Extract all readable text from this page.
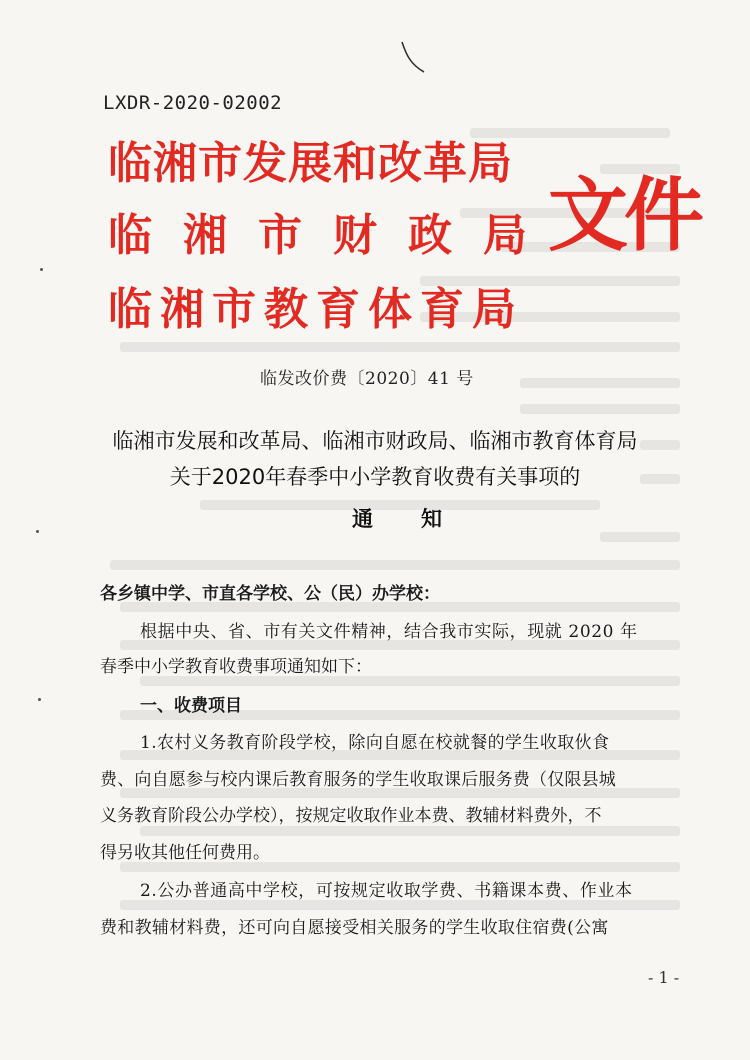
LXDR-2020-02002
临湘市发展和改革局
临 湘 市 财 政 局
临湘市教育体育局
文件
临发改价费〔2020〕41 号
临湘市发展和改革局、临湘市财政局、临湘市教育体育局
关于2020年春季中小学教育收费有关事项的
通知
各乡镇中学、市直各学校、公（民）办学校：
根据中央、省、市有关文件精神，结合我市实际，现就 2020 年
春季中小学教育收费事项通知如下：
一、收费项目
1.农村义务教育阶段学校，除向自愿在校就餐的学生收取伙食
费、向自愿参与校内课后教育服务的学生收取课后服务费（仅限县城
义务教育阶段公办学校），按规定收取作业本费、教辅材料费外，不
得另收其他任何费用。
2.公办普通高中学校，可按规定收取学费、书籍课本费、作业本
费和教辅材料费，还可向自愿接受相关服务的学生收取住宿费(公寓
- 1 -
